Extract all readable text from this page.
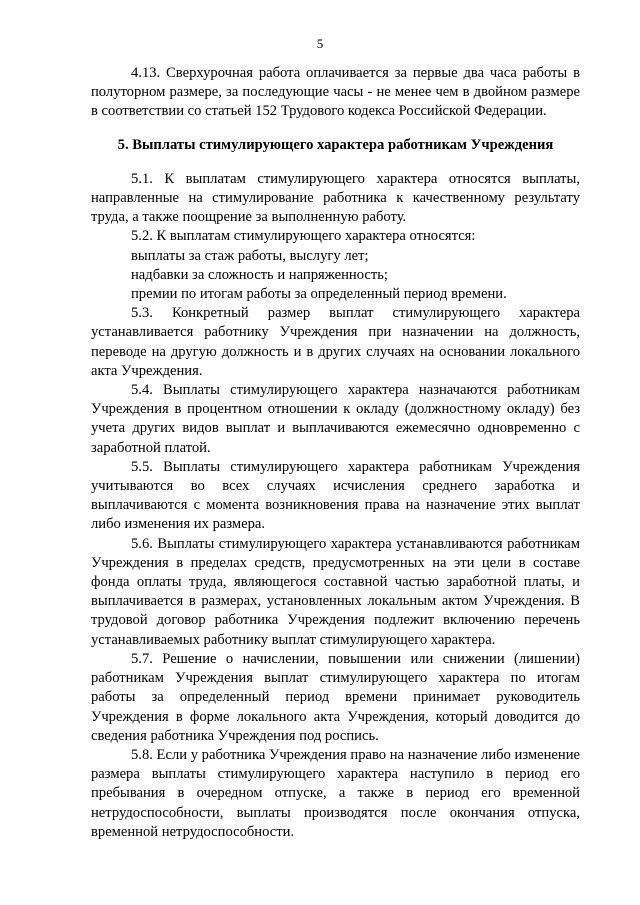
5

4.13. Сверхурочная работа оплачивается за первые два часа работы в полуторном размере, за последующие часы - не менее чем в двойном размере в соответствии со статьей 152 Трудового кодекса Российской Федерации.

5. Выплаты стимулирующего характера работникам Учреждения

5.1. К выплатам стимулирующего характера относятся выплаты, направленные на стимулирование работника к качественному результату труда, а также поощрение за выполненную работу.

5.2. К выплатам стимулирующего характера относятся:

выплаты за стаж работы, выслугу лет;

надбавки за сложность и напряженность;

премии по итогам работы за определенный период времени.

5.3. Конкретный размер выплат стимулирующего характера устанавливается работнику Учреждения при назначении на должность, переводе на другую должность и в других случаях на основании локального акта Учреждения.

5.4. Выплаты стимулирующего характера назначаются работникам Учреждения в процентном отношении к окладу (должностному окладу) без учета других видов выплат и выплачиваются ежемесячно одновременно с заработной платой.

5.5. Выплаты стимулирующего характера работникам Учреждения учитываются во всех случаях исчисления среднего заработка и выплачиваются с момента возникновения права на назначение этих выплат либо изменения их размера.

5.6. Выплаты стимулирующего характера устанавливаются работникам Учреждения в пределах средств, предусмотренных на эти цели в составе фонда оплаты труда, являющегося составной частью заработной платы, и выплачивается в размерах, установленных локальным актом Учреждения. В трудовой договор работника Учреждения подлежит включению перечень устанавливаемых работнику выплат стимулирующего характера.

5.7. Решение о начислении, повышении или снижении (лишении) работникам Учреждения выплат стимулирующего характера по итогам работы за определенный период времени принимает руководитель Учреждения в форме локального акта Учреждения, который доводится до сведения работника Учреждения под роспись.

5.8. Если у работника Учреждения право на назначение либо изменение размера выплаты стимулирующего характера наступило в период его пребывания в очередном отпуске, а также в период его временной нетрудоспособности, выплаты производятся после окончания отпуска, временной нетрудоспособности.
